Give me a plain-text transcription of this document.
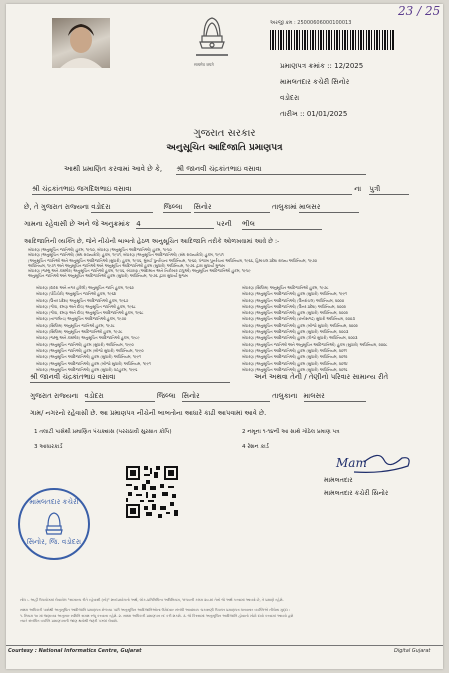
23 / 25
सत्यमेव जयते
અરજી ક્રમ : 25000606000100013
પ્રમાણપત્ર ક્રમાંક :: 12/2025
મામલતદાર કચેરી સિનોર
વડોદરા
તારીખ :: 01/01/2025
ગુજરાત સરકાર
અનુસૂચિત આદિજાતિ પ્રમાણપત્ર
આથી પ્રમાણિત કરવામાં આવે છે કે, શ્રી જાનવી ચંદ્રકાંતભાઇ વસાવા
શ્રી ચંદ્રકાંતભાઇ જગદિશભાઇ વસાવા	ના પુત્રી
છે, તે ગુજરાત રાજ્યના વડોદરા	જિલ્લા સિનોર	તાલુકામાં માલસર
ગામના રહેવાસી છે અને જે અનુક્રમાંક 4	પરની ભીલ
આદિજાતિની વ્યક્તિ છે, જેને નીચેની બાબતો હેઠળ અનુસૂચિત આદિજાતિ તરીકે ઓળખવામાં આવે છે :-
બંધારણ (અનુસૂચિત જાતિઓ) હુકમ, ૧૯૫૦, બંધારણ (અનુસૂચિત આદિજાતિઓ) હુકમ, ૧૯૫૦
બંધારણ (અનુસૂચિત જાતિઓ) (સંઘ રાજ્યક્ષેત્રો) હુકમ, ૧૯૫૧, બંધારણ (અનુસૂચિત આદિજાતિઓ) (સંઘ રાજ્યક્ષેત્રો) હુકમ, ૧૯૫૧
(અનુસૂચિત જાતિઓ અને અનુસૂચિત આદિજાતિઓ (સુધારો) હુકમ, ૧૯૫૬, મુંબઈ પુનર્રચના અધિનિયમ, ૧૯૬૦, પંજાબ પુનર્રચના અધિનિયમ, ૧૯૬૬, હિમાચલ પ્રદેશ રાજ્ય અધિનિયમ, ૧૯૭૦
અધિનિયમ, ૧૯૭૧ અને અનુસૂચિત જાતિઓ અને અનુસૂચિત આદિજાતિઓ હુકમ (સુધારો) અધિનિયમ, ૧૯૭૬ દ્વારા સુધાર્યા મુજબ
બંધારણ (જમ્મુ અને કાશ્મીર) અનુસૂચિત જાતિઓ હુકમ, ૧૯૫૬, બંધારણ (આંદામાન અને નિકોબાર ટાપુઓ) અનુસૂચિત આદિજાતિઓ હુકમ, ૧૯૫૯
અનુસૂચિત જાતિઓ અને અનુસૂચિત આદિજાતિઓ હુકમ (સુધારો) અધિનિયમ, ૧૯૭૬ દ્વારા સુધાર્યા મુજબ
બંધારણ (દાદરા અને નગર હવેલી) અનુસૂચિત જાતિ હુકમ, ૧૯૬૨
બંધારણ (પોંડિચેરી) અનુસૂચિત જાતિઓ હુકમ, ૧૯૬૪
બંધારણ (ઉત્તર પ્રદેશ) અનુસૂચિત આદિજાતિઓ હુકમ, ૧૯૬૭
બંધારણ (ગોવા, દમણ અને દીવ) અનુસૂચિત જાતિઓ હુકમ, ૧૯૬૮
બંધારણ (ગોવા, દમણ અને દીવ) અનુસૂચિત આદિજાતિઓ હુકમ, ૧૯૬૮
બંધારણ (નાગાલેન્ડ) અનુસૂચિત આદિજાતિઓ હુકમ, ૧૯૭૦
બંધારણ (સિક્કિમ) અનુસૂચિત જાતિઓ હુકમ, ૧૯૭૮
બંધારણ (સિક્કિમ) અનુસૂચિત આદિજાતિઓ હુકમ, ૧૯૭૮
બંધારણ (જમ્મુ અને કાશ્મીર) અનુસૂચિત આદિજાતિઓ હુકમ, ૧૯૮૯
બંધારણ (અનુસૂચિત જાતિઓ) હુકમ (સુધારો) અધિનિયમ, ૧૯૯૦
બંધારણ (અનુસૂચિત જાતિઓ) હુકમ (બીજો સુધારો) અધિનિયમ, ૧૯૯૦
બંધારણ (અનુસૂચિત આદિજાતિઓ) હુકમ (સુધારો) અધિનિયમ, ૧૯૯૧
બંધારણ (અનુસૂચિત આદિજાતિઓ) હુકમ (બીજો સુધારો) અધિનિયમ, ૧૯૯૧
બંધારણ (અનુસૂચિત આદિજાતિઓ) હુકમ (સુધારો) વટહુકમ, ૧૯૯૬
બંધારણ (સિક્કિમ) અનુસૂચિત આદિજાતિઓ હુકમ, ૧૯૭૮
બંધારણ (અનુસૂચિત આદિજાતિઓ) હુકમ (સુધારો) અધિનિયમ, ૧૯૯૧
બંધારણ (અનુસૂચિત આદિજાતિઓ) (ઉત્તરાંચલ) અધિનિયમ, ૨૦૦૦
બંધારણ (અનુસૂચિત આદિજાતિઓ) (ઉત્તર પ્રદેશ) અધિનિયમ, ૨૦૦૨
બંધારણ (અનુસૂચિત આદિજાતિઓ) હુકમ (સુધારો) અધિનિયમ, ૨૦૦૨
બંધારણ (અનુસૂચિત આદિજાતિઓ) (છત્તીસગઢ) સુધારો અધિનિયમ, ૨૦૦૩
બંધારણ (અનુસૂચિત આદિજાતિઓ) હુકમ (બીજો સુધારો) અધિનિયમ, ૨૦૦૨
બંધારણ (અનુસૂચિત આદિજાતિઓ) હુકમ (સુધારો) અધિનિયમ, ૨૦૦૩
બંધારણ (અનુસૂચિત આદિજાતિઓ) હુકમ (ત્રીજો સુધારો) અધિનિયમ, ૨૦૦૩
બંધારણ (અનુસૂચિત જાતિઓ અને અનુસૂચિત આદિજાતિઓ) હુકમ (સુધારો) અધિનિયમ, ૨૦૦૮
બંધારણ (અનુસૂચિત આદિજાતિઓ) હુકમ (સુધારો) અધિનિયમ, ૨૦૧૧
બંધારણ (અનુસૂચિત આદિજાતિઓ) હુકમ (સુધારો) અધિનિયમ, ૨૦૧૨
બંધારણ (અનુસૂચિત આદિજાતિઓ) હુકમ (સુધારો) અધિનિયમ, ૨૦૧૪
બંધારણ (અનુસૂચિત આદિજાતિઓ) હુકમ (સુધારો) અધિનિયમ, ૨૦૧૬
શ્રી જાનવી ચંદ્રકાંતભાઇ વસાવા	અને અથવા તેની / તેણીનો પરિવાર સામાન્ય રીતે
ગુજરાત રાજ્યના વડોદરા	જિલ્લા સિનોર	તાલુકાના માલસર
ગામ/ નગરનો રહેવાસી છે. આ પ્રમાણપત્ર નીચેની બાબતોના આધારે કાઢી આપવામાં આવે છે.
1 તલાટી પાસેથી પ્રમાણિત પંચક્યાસ (પરરાઠાવી સુરક્ષાત કોપિ)	2 નમૂના ૧-૧૪ની આ સાથે ગોઠેલ પ્રમાણ પત્ર
3 આધારકાર્ડ	4 રેશન કાર્ડ
મામલતદાર કચેરી
સિનોર, જિ. વડોદરા
Mam
મામલતદાર
મામલતદાર કચેરી સિનોર
નોંધ :- અહીં ઉપયોગમાં લેવાયેલ "સામાન્ય રીતે રહેવાસી (નો)" શબ્દપ્રયોગનો અર્થ, લોક-પ્રતિનિધિત્વ અધિનિયમ, ૧૯૫૦ની કલમ ૨૦-માં તેનો જે અર્થ કરવામાં આવ્યો છે, તે પ્રમાણે રહેશે.
સક્ષમ અધિકારી પાસેથી અનુસૂચિત આદિજાતિ પ્રમાણપત્ર મેળવ્યા પછી અનુસૂચિત આદિજાતિઓના ઉમેદવાર સંબંધી આવશ્યક ચકાસણી ઉપરાંત પ્રમાણપત્ર ધરાવનાર વ્યક્તિએ નીચેના મુદ્દા :
૧. નિયમ ૧૦ માં જણાવ્યા અનુસાર સમિતિ સમક્ષ રજૂ કરવાના રહેશે. ૨. સક્ષમ અધિકારી પ્રમાણપત્ર રદ કરી શકશે. ૩. જે કિસ્સામાં અનુસૂચિત આદિજાતિ હોવાનો ખોટો દાવો કરવામાં આવ્યો હશે
ત્યારે સંબંધિત વ્યક્તિ પ્રમાણપત્રની જાણ થયેથી જરૂરી પગલાં લેવાશે.
Courtesy : National Informatics Centre, Gujarat	Digital Gujarat
